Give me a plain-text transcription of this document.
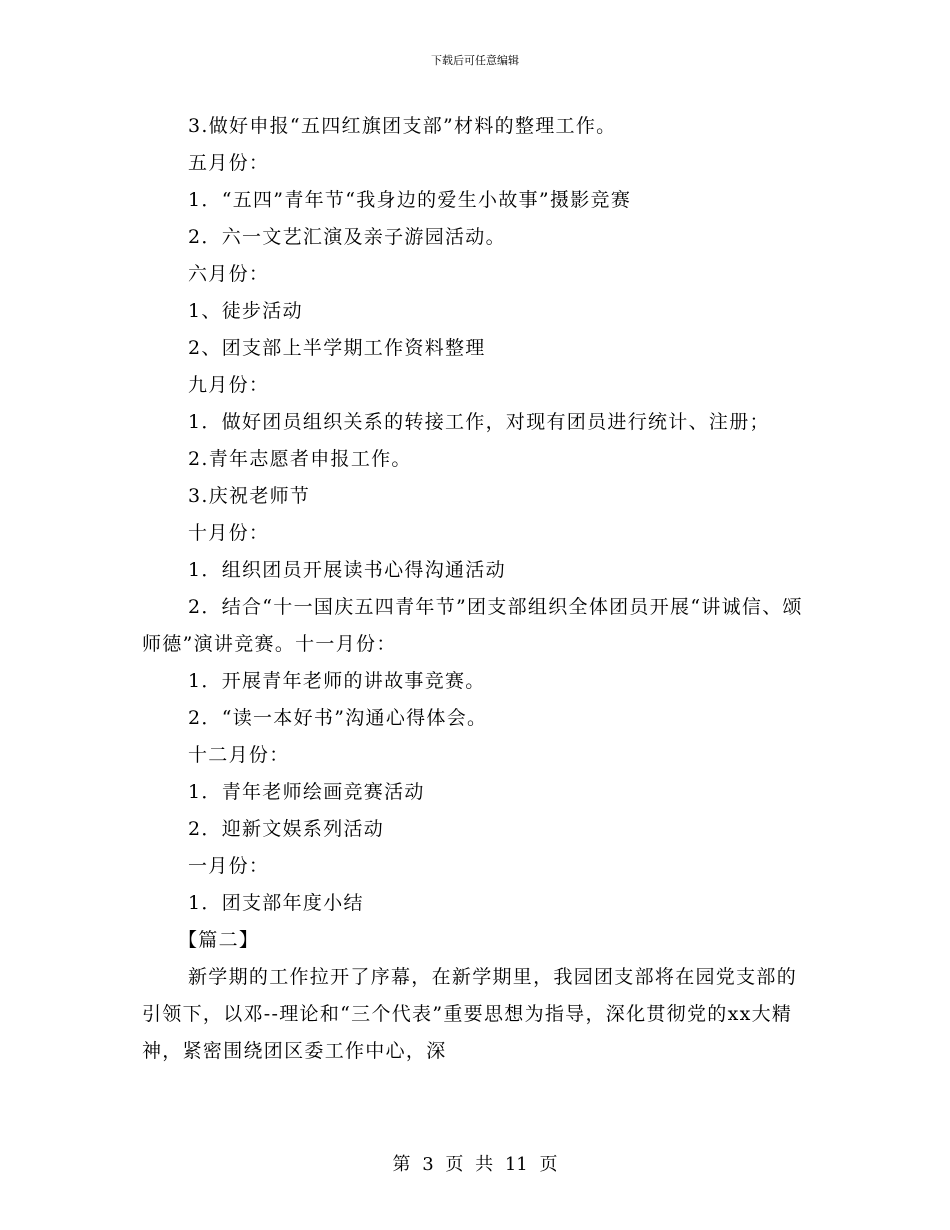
下载后可任意编辑

3.做好申报“五四红旗团支部”材料的整理工作。

五月份：

1．“五四”青年节“我身边的爱生小故事”摄影竞赛

2．六一文艺汇演及亲子游园活动。

六月份：

1、徒步活动

2、团支部上半学期工作资料整理

九月份：

1．做好团员组织关系的转接工作，对现有团员进行统计、注册；

2.青年志愿者申报工作。

3.庆祝老师节

十月份：

1．组织团员开展读书心得沟通活动

2．结合“十一国庆五四青年节”团支部组织全体团员开展“讲诚信、颂师德”演讲竞赛。十一月份：

1．开展青年老师的讲故事竞赛。

2．“读一本好书”沟通心得体会。

十二月份：

1．青年老师绘画竞赛活动

2．迎新文娱系列活动

一月份：

1．团支部年度小结

【篇二】

新学期的工作拉开了序幕，在新学期里，我园团支部将在园党支部的引领下，以邓--理论和“三个代表”重要思想为指导，深化贯彻党的xx大精神，紧密围绕团区委工作中心，深

第 3 页 共 11 页
